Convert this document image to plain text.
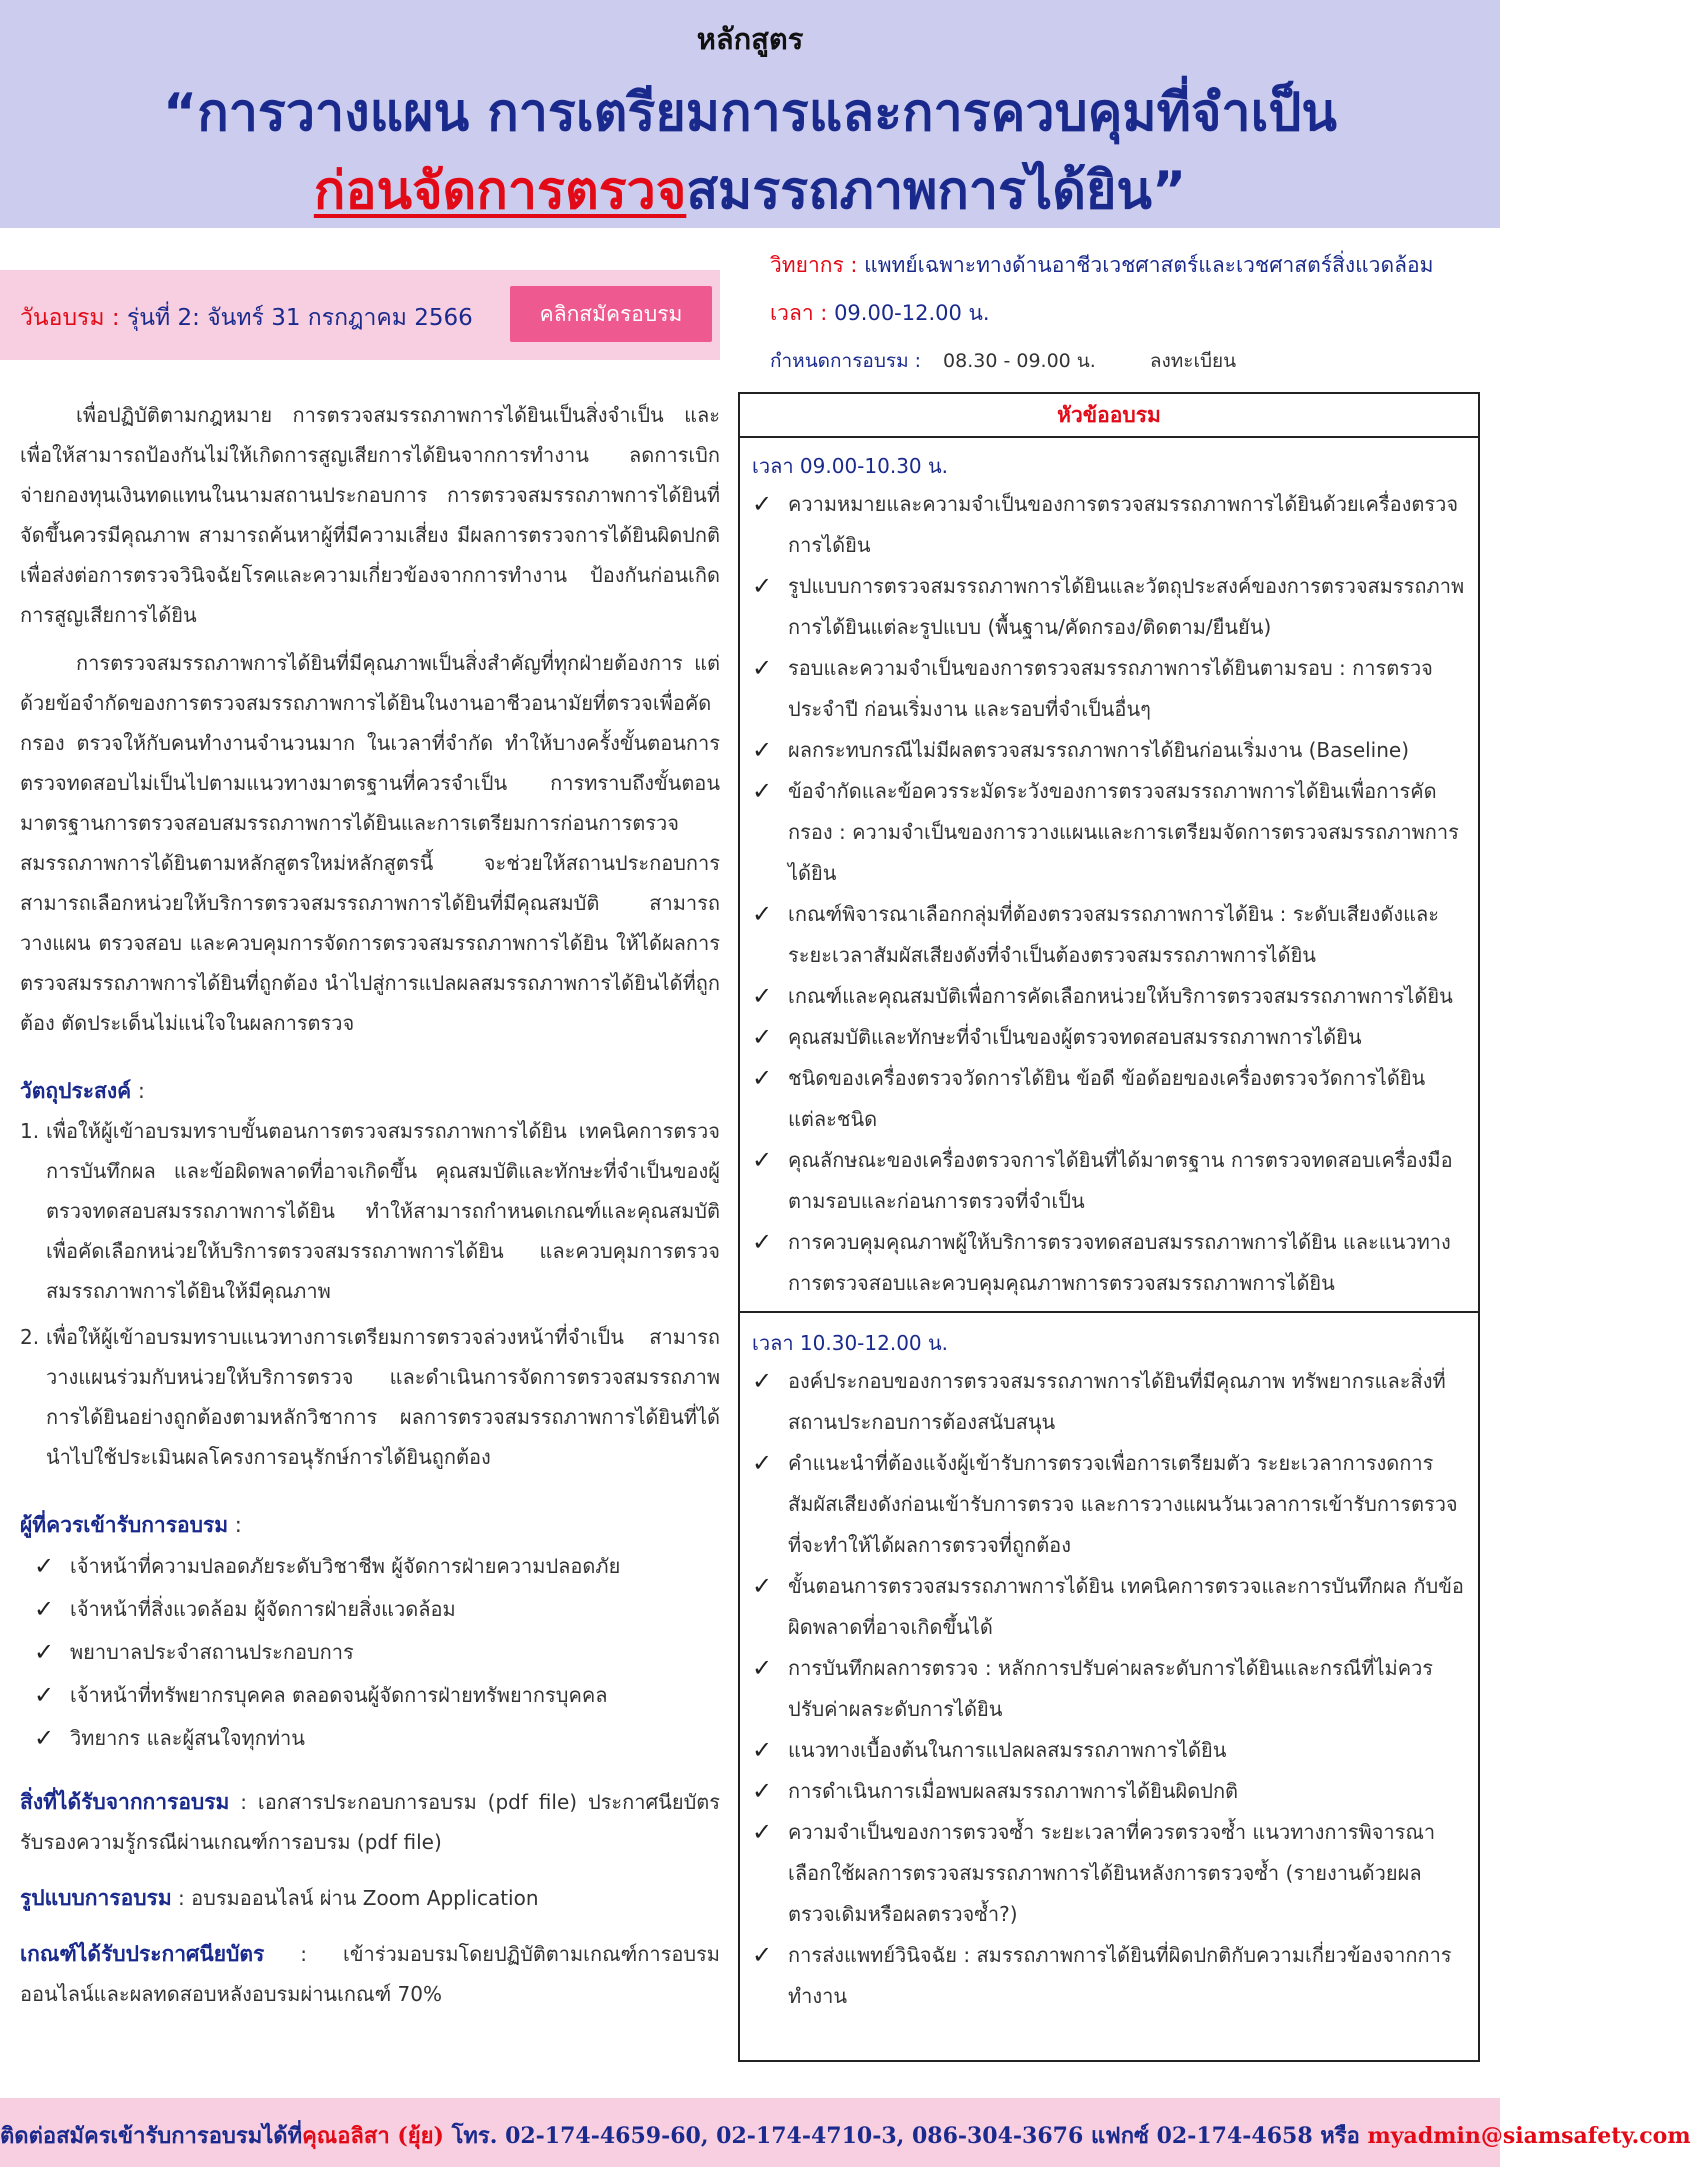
หลักสูตร
“การวางแผน การเตรียมการและการควบคุมที่จำเป็น
ก่อนจัดการตรวจสมรรถภาพการได้ยิน”
วันอบรม : รุ่นที่ 2: จันทร์ 31 กรกฎาคม 2566	คลิกสมัครอบรม
วิทยากร : แพทย์เฉพาะทางด้านอาชีวเวชศาสตร์และเวชศาสตร์สิ่งแวดล้อม
เวลา : 09.00-12.00 น.
กำหนดการอบรม : 08.30 - 09.00 น.	ลงทะเบียน

เพื่อปฏิบัติตามกฎหมาย การตรวจสมรรถภาพการได้ยินเป็นสิ่งจำเป็น และเพื่อให้สามารถป้องกันไม่ให้เกิดการสูญเสียการได้ยินจากการทำงาน ลดการเบิกจ่ายกองทุนเงินทดแทนในนามสถานประกอบการ การตรวจสมรรถภาพการได้ยินที่จัดขึ้นควรมีคุณภาพ สามารถค้นหาผู้ที่มีความเสี่ยง มีผลการตรวจการได้ยินผิดปกติ เพื่อส่งต่อการตรวจวินิจฉัยโรคและความเกี่ยวข้องจากการทำงาน ป้องกันก่อนเกิดการสูญเสียการได้ยิน

การตรวจสมรรถภาพการได้ยินที่มีคุณภาพเป็นสิ่งสำคัญที่ทุกฝ่ายต้องการ แต่ด้วยข้อจำกัดของการตรวจสมรรถภาพการได้ยินในงานอาชีวอนามัยที่ตรวจเพื่อคัดกรอง ตรวจให้กับคนทำงานจำนวนมาก ในเวลาที่จำกัด ทำให้บางครั้งขั้นตอนการตรวจทดสอบไม่เป็นไปตามแนวทางมาตรฐานที่ควรจำเป็น การทราบถึงขั้นตอนมาตรฐานการตรวจสอบสมรรถภาพการได้ยินและการเตรียมการก่อนการตรวจสมรรถภาพการได้ยินตามหลักสูตรใหม่หลักสูตรนี้ จะช่วยให้สถานประกอบการสามารถเลือกหน่วยให้บริการตรวจสมรรถภาพการได้ยินที่มีคุณสมบัติ สามารถวางแผน ตรวจสอบ และควบคุมการจัดการตรวจสมรรถภาพการได้ยิน ให้ได้ผลการตรวจสมรรถภาพการได้ยินที่ถูกต้อง นำไปสู่การแปลผลสมรรถภาพการได้ยินได้ที่ถูกต้อง ตัดประเด็นไม่แน่ใจในผลการตรวจ

วัตถุประสงค์ :
1. เพื่อให้ผู้เข้าอบรมทราบขั้นตอนการตรวจสมรรถภาพการได้ยิน เทคนิคการตรวจ การบันทึกผล และข้อผิดพลาดที่อาจเกิดขึ้น คุณสมบัติและทักษะที่จำเป็นของผู้ตรวจทดสอบสมรรถภาพการได้ยิน ทำให้สามารถกำหนดเกณฑ์และคุณสมบัติเพื่อคัดเลือกหน่วยให้บริการตรวจสมรรถภาพการได้ยิน และควบคุมการตรวจสมรรถภาพการได้ยินให้มีคุณภาพ
2. เพื่อให้ผู้เข้าอบรมทราบแนวทางการเตรียมการตรวจล่วงหน้าที่จำเป็น สามารถวางแผนร่วมกับหน่วยให้บริการตรวจ และดำเนินการจัดการตรวจสมรรถภาพการได้ยินอย่างถูกต้องตามหลักวิชาการ ผลการตรวจสมรรถภาพการได้ยินที่ได้นำไปใช้ประเมินผลโครงการอนุรักษ์การได้ยินถูกต้อง
ผู้ที่ควรเข้ารับการอบรม :
✓ เจ้าหน้าที่ความปลอดภัยระดับวิชาชีพ ผู้จัดการฝ่ายความปลอดภัย
✓ เจ้าหน้าที่สิ่งแวดล้อม ผู้จัดการฝ่ายสิ่งแวดล้อม
✓ พยาบาลประจำสถานประกอบการ
✓ เจ้าหน้าที่ทรัพยากรบุคคล ตลอดจนผู้จัดการฝ่ายทรัพยากรบุคคล
✓ วิทยากร และผู้สนใจทุกท่าน
สิ่งที่ได้รับจากการอบรม : เอกสารประกอบการอบรม (pdf file) ประกาศนียบัตรรับรองความรู้กรณีผ่านเกณฑ์การอบรม (pdf file)
รูปแบบการอบรม : อบรมออนไลน์ ผ่าน Zoom Application
เกณฑ์ได้รับประกาศนียบัตร : เข้าร่วมอบรมโดยปฏิบัติตามเกณฑ์การอบรมออนไลน์และผลทดสอบหลังอบรมผ่านเกณฑ์ 70%
หัวข้ออบรม
เวลา 09.00-10.30 น.
✓ ความหมายและความจำเป็นของการตรวจสมรรถภาพการได้ยินด้วยเครื่องตรวจการได้ยิน
✓ รูปแบบการตรวจสมรรถภาพการได้ยินและวัตถุประสงค์ของการตรวจสมรรถภาพการได้ยินแต่ละรูปแบบ (พื้นฐาน/คัดกรอง/ติดตาม/ยืนยัน)
✓ รอบและความจำเป็นของการตรวจสมรรถภาพการได้ยินตามรอบ : การตรวจประจำปี ก่อนเริ่มงาน และรอบที่จำเป็นอื่นๆ
✓ ผลกระทบกรณีไม่มีผลตรวจสมรรถภาพการได้ยินก่อนเริ่มงาน (Baseline)
✓ ข้อจำกัดและข้อควรระมัดระวังของการตรวจสมรรถภาพการได้ยินเพื่อการคัดกรอง : ความจำเป็นของการวางแผนและการเตรียมจัดการตรวจสมรรถภาพการได้ยิน
✓ เกณฑ์พิจารณาเลือกกลุ่มที่ต้องตรวจสมรรถภาพการได้ยิน : ระดับเสียงดังและระยะเวลาสัมผัสเสียงดังที่จำเป็นต้องตรวจสมรรถภาพการได้ยิน
✓ เกณฑ์และคุณสมบัติเพื่อการคัดเลือกหน่วยให้บริการตรวจสมรรถภาพการได้ยิน
✓ คุณสมบัติและทักษะที่จำเป็นของผู้ตรวจทดสอบสมรรถภาพการได้ยิน
✓ ชนิดของเครื่องตรวจวัดการได้ยิน ข้อดี ข้อด้อยของเครื่องตรวจวัดการได้ยินแต่ละชนิด
✓ คุณลักษณะของเครื่องตรวจการได้ยินที่ได้มาตรฐาน การตรวจทดสอบเครื่องมือตามรอบและก่อนการตรวจที่จำเป็น
✓ การควบคุมคุณภาพผู้ให้บริการตรวจทดสอบสมรรถภาพการได้ยิน และแนวทางการตรวจสอบและควบคุมคุณภาพการตรวจสมรรถภาพการได้ยิน
เวลา 10.30-12.00 น.
✓ องค์ประกอบของการตรวจสมรรถภาพการได้ยินที่มีคุณภาพ ทรัพยากรและสิ่งที่สถานประกอบการต้องสนับสนุน
✓ คำแนะนำที่ต้องแจ้งผู้เข้ารับการตรวจเพื่อการเตรียมตัว ระยะเวลาการงดการสัมผัสเสียงดังก่อนเข้ารับการตรวจ และการวางแผนวันเวลาการเข้ารับการตรวจที่จะทำให้ได้ผลการตรวจที่ถูกต้อง
✓ ขั้นตอนการตรวจสมรรถภาพการได้ยิน เทคนิคการตรวจและการบันทึกผล กับข้อผิดพลาดที่อาจเกิดขึ้นได้
✓ การบันทึกผลการตรวจ : หลักการปรับค่าผลระดับการได้ยินและกรณีที่ไม่ควรปรับค่าผลระดับการได้ยิน
✓ แนวทางเบื้องต้นในการแปลผลสมรรถภาพการได้ยิน
✓ การดำเนินการเมื่อพบผลสมรรถภาพการได้ยินผิดปกติ
✓ ความจำเป็นของการตรวจซ้ำ ระยะเวลาที่ควรตรวจซ้ำ แนวทางการพิจารณาเลือกใช้ผลการตรวจสมรรถภาพการได้ยินหลังการตรวจซ้ำ (รายงานด้วยผลตรวจเดิมหรือผลตรวจซ้ำ?)
✓ การส่งแพทย์วินิจฉัย : สมรรถภาพการได้ยินที่ผิดปกติกับความเกี่ยวข้องจากการทำงาน
ติดต่อสมัครเข้ารับการอบรมได้ที่คุณอลิสา (ยุ้ย) โทร. 02-174-4659-60, 02-174-4710-3, 086-304-3676 แฟกซ์ 02-174-4658 หรือ myadmin@siamsafety.com
